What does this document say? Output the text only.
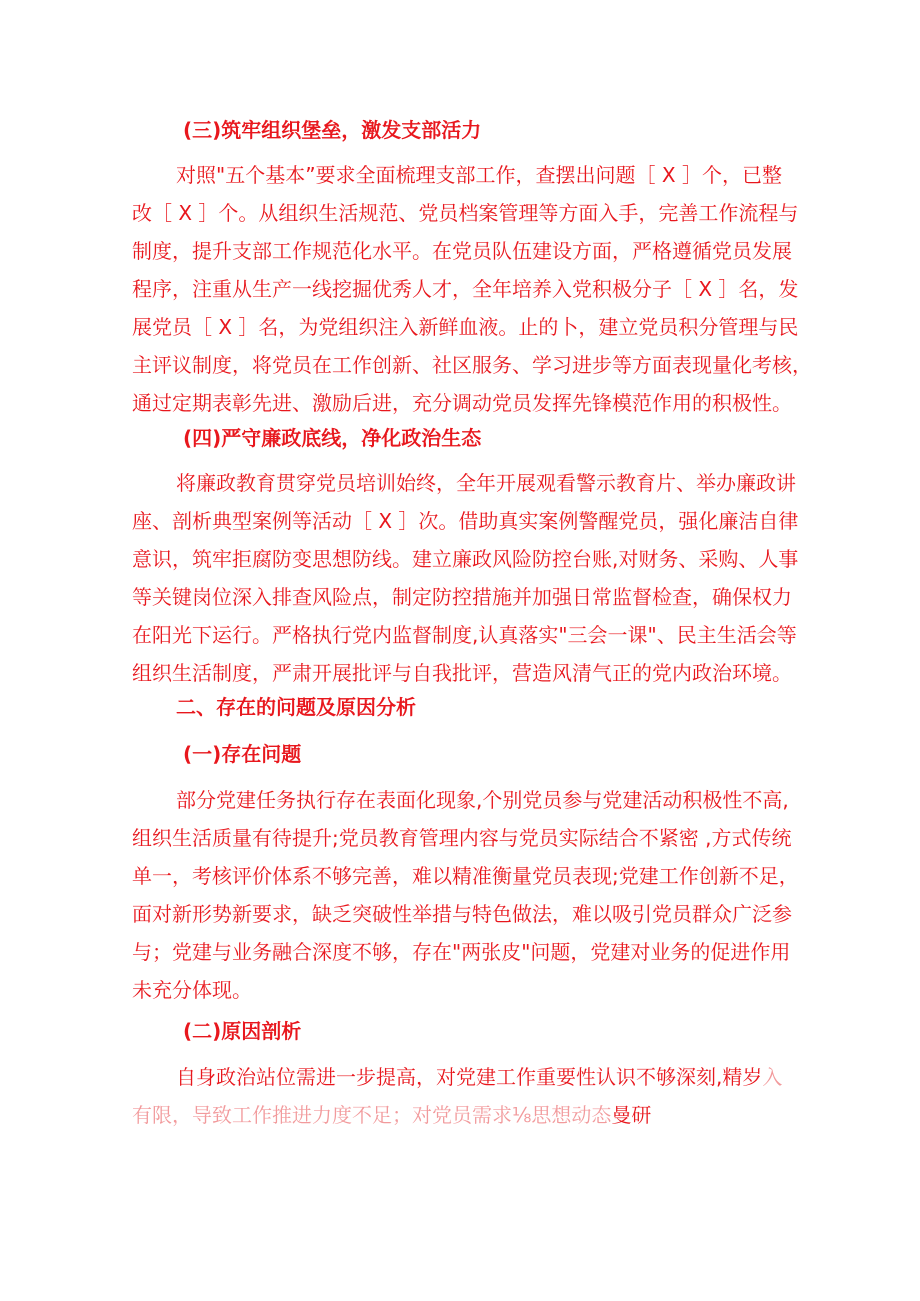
(三)筑牢组织堡垒，激发支部活力
对照"五个基本”要求全面梳理支部工作，查摆出问题［ X ］个，已整
改［ X ］个。从组织生活规范、党员档案管理等方面入手，完善工作流程与
制度，提升支部工作规范化水平。在党员队伍建设方面，严格遵循党员发展
程序，注重从生产一线挖掘优秀人才，全年培养入党积极分子［ X ］名，发
展党员［ X ］名，为党组织注入新鲜血液。止的卜，建立党员积分管理与民
主评议制度，将党员在工作创新、社区服务、学习进步等方面表现量化考核，
通过定期表彰先进、激励后进，充分调动党员发挥先锋模范作用的积极性。
(四)严守廉政底线，净化政治生态
将廉政教育贯穿党员培训始终，全年开展观看警示教育片、举办廉政讲
座、剖析典型案例等活动［ X ］次。借助真实案例警醒党员，强化廉洁自律
意识，筑牢拒腐防变思想防线。建立廉政风险防控台账,对财务、采购、人事
等关键岗位深入排查风险点，制定防控措施并加强日常监督检查，确保权力
在阳光下运行。严格执行党内监督制度,认真落实"三会一课"、民主生活会等
组织生活制度，严肃开展批评与自我批评，营造风清气正的党内政治环境。
二、存在的问题及原因分析
(一)存在问题
部分党建任务执行存在表面化现象,个别党员参与党建活动积极性不高,
组织生活质量有待提升;党员教育管理内容与党员实际结合不紧密 ,方式传统
单一，考核评价体系不够完善，难以精准衡量党员表现;党建工作创新不足，
面对新形势新要求，缺乏突破性举措与特色做法，难以吸引党员群众广泛参
与；党建与业务融合深度不够，存在"两张皮"问题，党建对业务的促进作用
未充分体现。
(二)原因剖析
自身政治站位需进一步提高，对党建工作重要性认识不够深刻,精岁入
有限，导致工作推进力度不足；对党员需求⅛思想动态曼研
